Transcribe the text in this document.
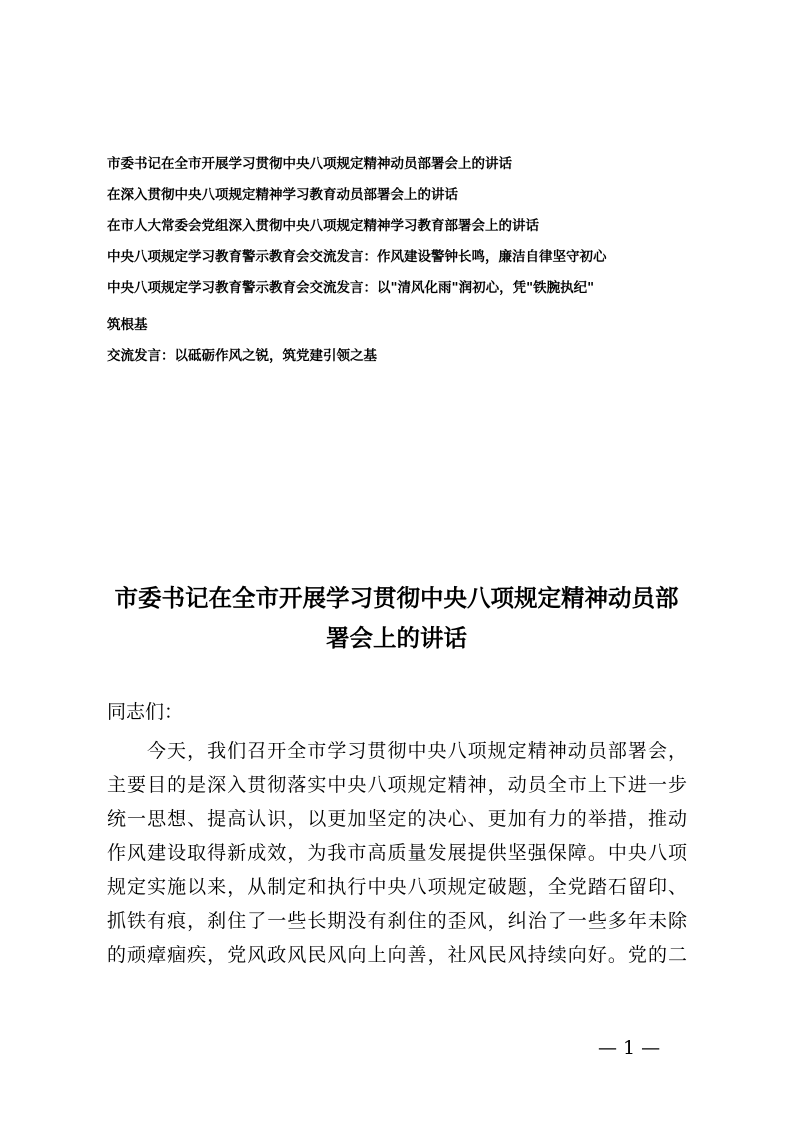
市委书记在全市开展学习贯彻中央八项规定精神动员部署会上的讲话
在深入贯彻中央八项规定精神学习教育动员部署会上的讲话
在市人大常委会党组深入贯彻中央八项规定精神学习教育部署会上的讲话
中央八项规定学习教育警示教育会交流发言：作风建设警钟长鸣，廉洁自律坚守初心
中央八项规定学习教育警示教育会交流发言：以"清风化雨"润初心，凭"铁腕执纪"
筑根基
交流发言：以砥砺作风之锐，筑党建引领之基
市委书记在全市开展学习贯彻中央八项规定精神动员部
署会上的讲话
同志们：
今天，我们召开全市学习贯彻中央八项规定精神动员部署会，
主要目的是深入贯彻落实中央八项规定精神，动员全市上下进一步
统一思想、提高认识，以更加坚定的决心、更加有力的举措，推动
作风建设取得新成效，为我市高质量发展提供坚强保障。中央八项
规定实施以来，从制定和执行中央八项规定破题，全党踏石留印、
抓铁有痕，刹住了一些长期没有刹住的歪风，纠治了一些多年未除
的顽瘴痼疾，党风政风民风向上向善，社风民风持续向好。党的二
— 1 —
